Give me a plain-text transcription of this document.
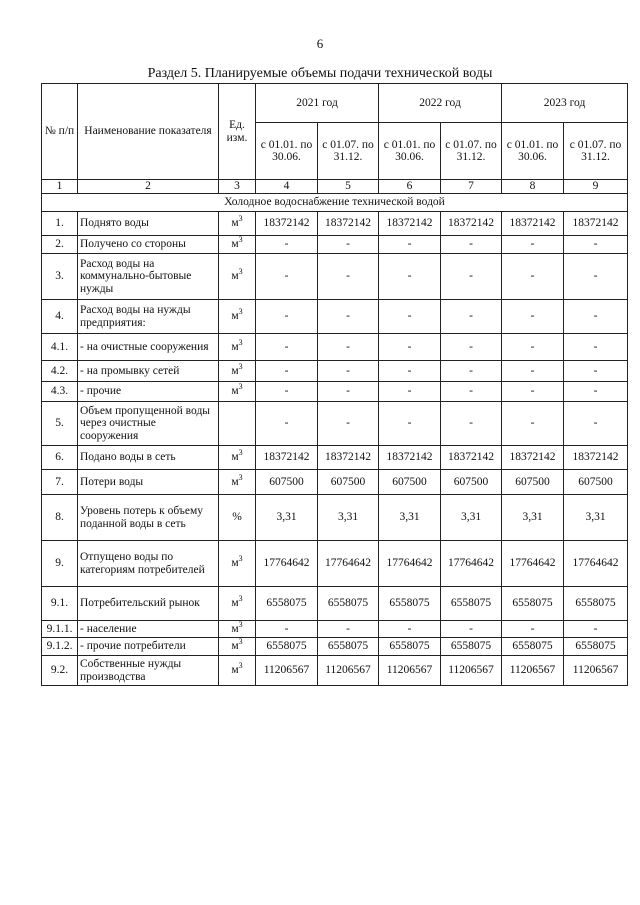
6
Раздел 5. Планируемые объемы подачи технической воды
№ п/п	Наименование показателя	Ед. изм.	2021 год		2022 год		2023 год	
			с 01.01. по 30.06.	с 01.07. по 31.12.	с 01.01. по 30.06.	с 01.07. по 31.12.	с 01.01. по 30.06.	с 01.07. по 31.12.
1	2	3	4	5	6	7	8	9
Холодное водоснабжение технической водой								
1.	Поднято воды	$м^3$	18372142	18372142	18372142	18372142	18372142	18372142
2.	Получено со стороны	$м^3$	-	-	-	-	-	-
3.	Расход воды на коммунально-бытовые нужды	$м^3$	-	-	-	-	-	-
4.	Расход воды на нужды предприятия:	$м^3$	-	-	-	-	-	-
4.1.	- на очистные сооружения	$м^3$	-	-	-	-	-	-
4.2.	- на промывку сетей	$м^3$	-	-	-	-	-	-
4.3.	- прочие	$м^3$	-	-	-	-	-	-
5.	Объем пропущенной воды через очистные сооружения		-	-	-	-	-	-
6.	Подано воды в сеть	$м^3$	18372142	18372142	18372142	18372142	18372142	18372142
7.	Потери воды	$м^3$	607500	607500	607500	607500	607500	607500
8.	Уровень потерь к объему поданной воды в сеть	%	3,31	3,31	3,31	3,31	3,31	3,31
9.	Отпущено воды по категориям потребителей	$м^3$	17764642	17764642	17764642	17764642	17764642	17764642
9.1.	Потребительский рынок	$м^3$	6558075	6558075	6558075	6558075	6558075	6558075
9.1.1.	- население	$м^3$	-	-	-	-	-	-
9.1.2.	- прочие потребители	$м^3$	6558075	6558075	6558075	6558075	6558075	6558075
9.2.	Собственные нужды производства	$м^3$	11206567	11206567	11206567	11206567	11206567	11206567
